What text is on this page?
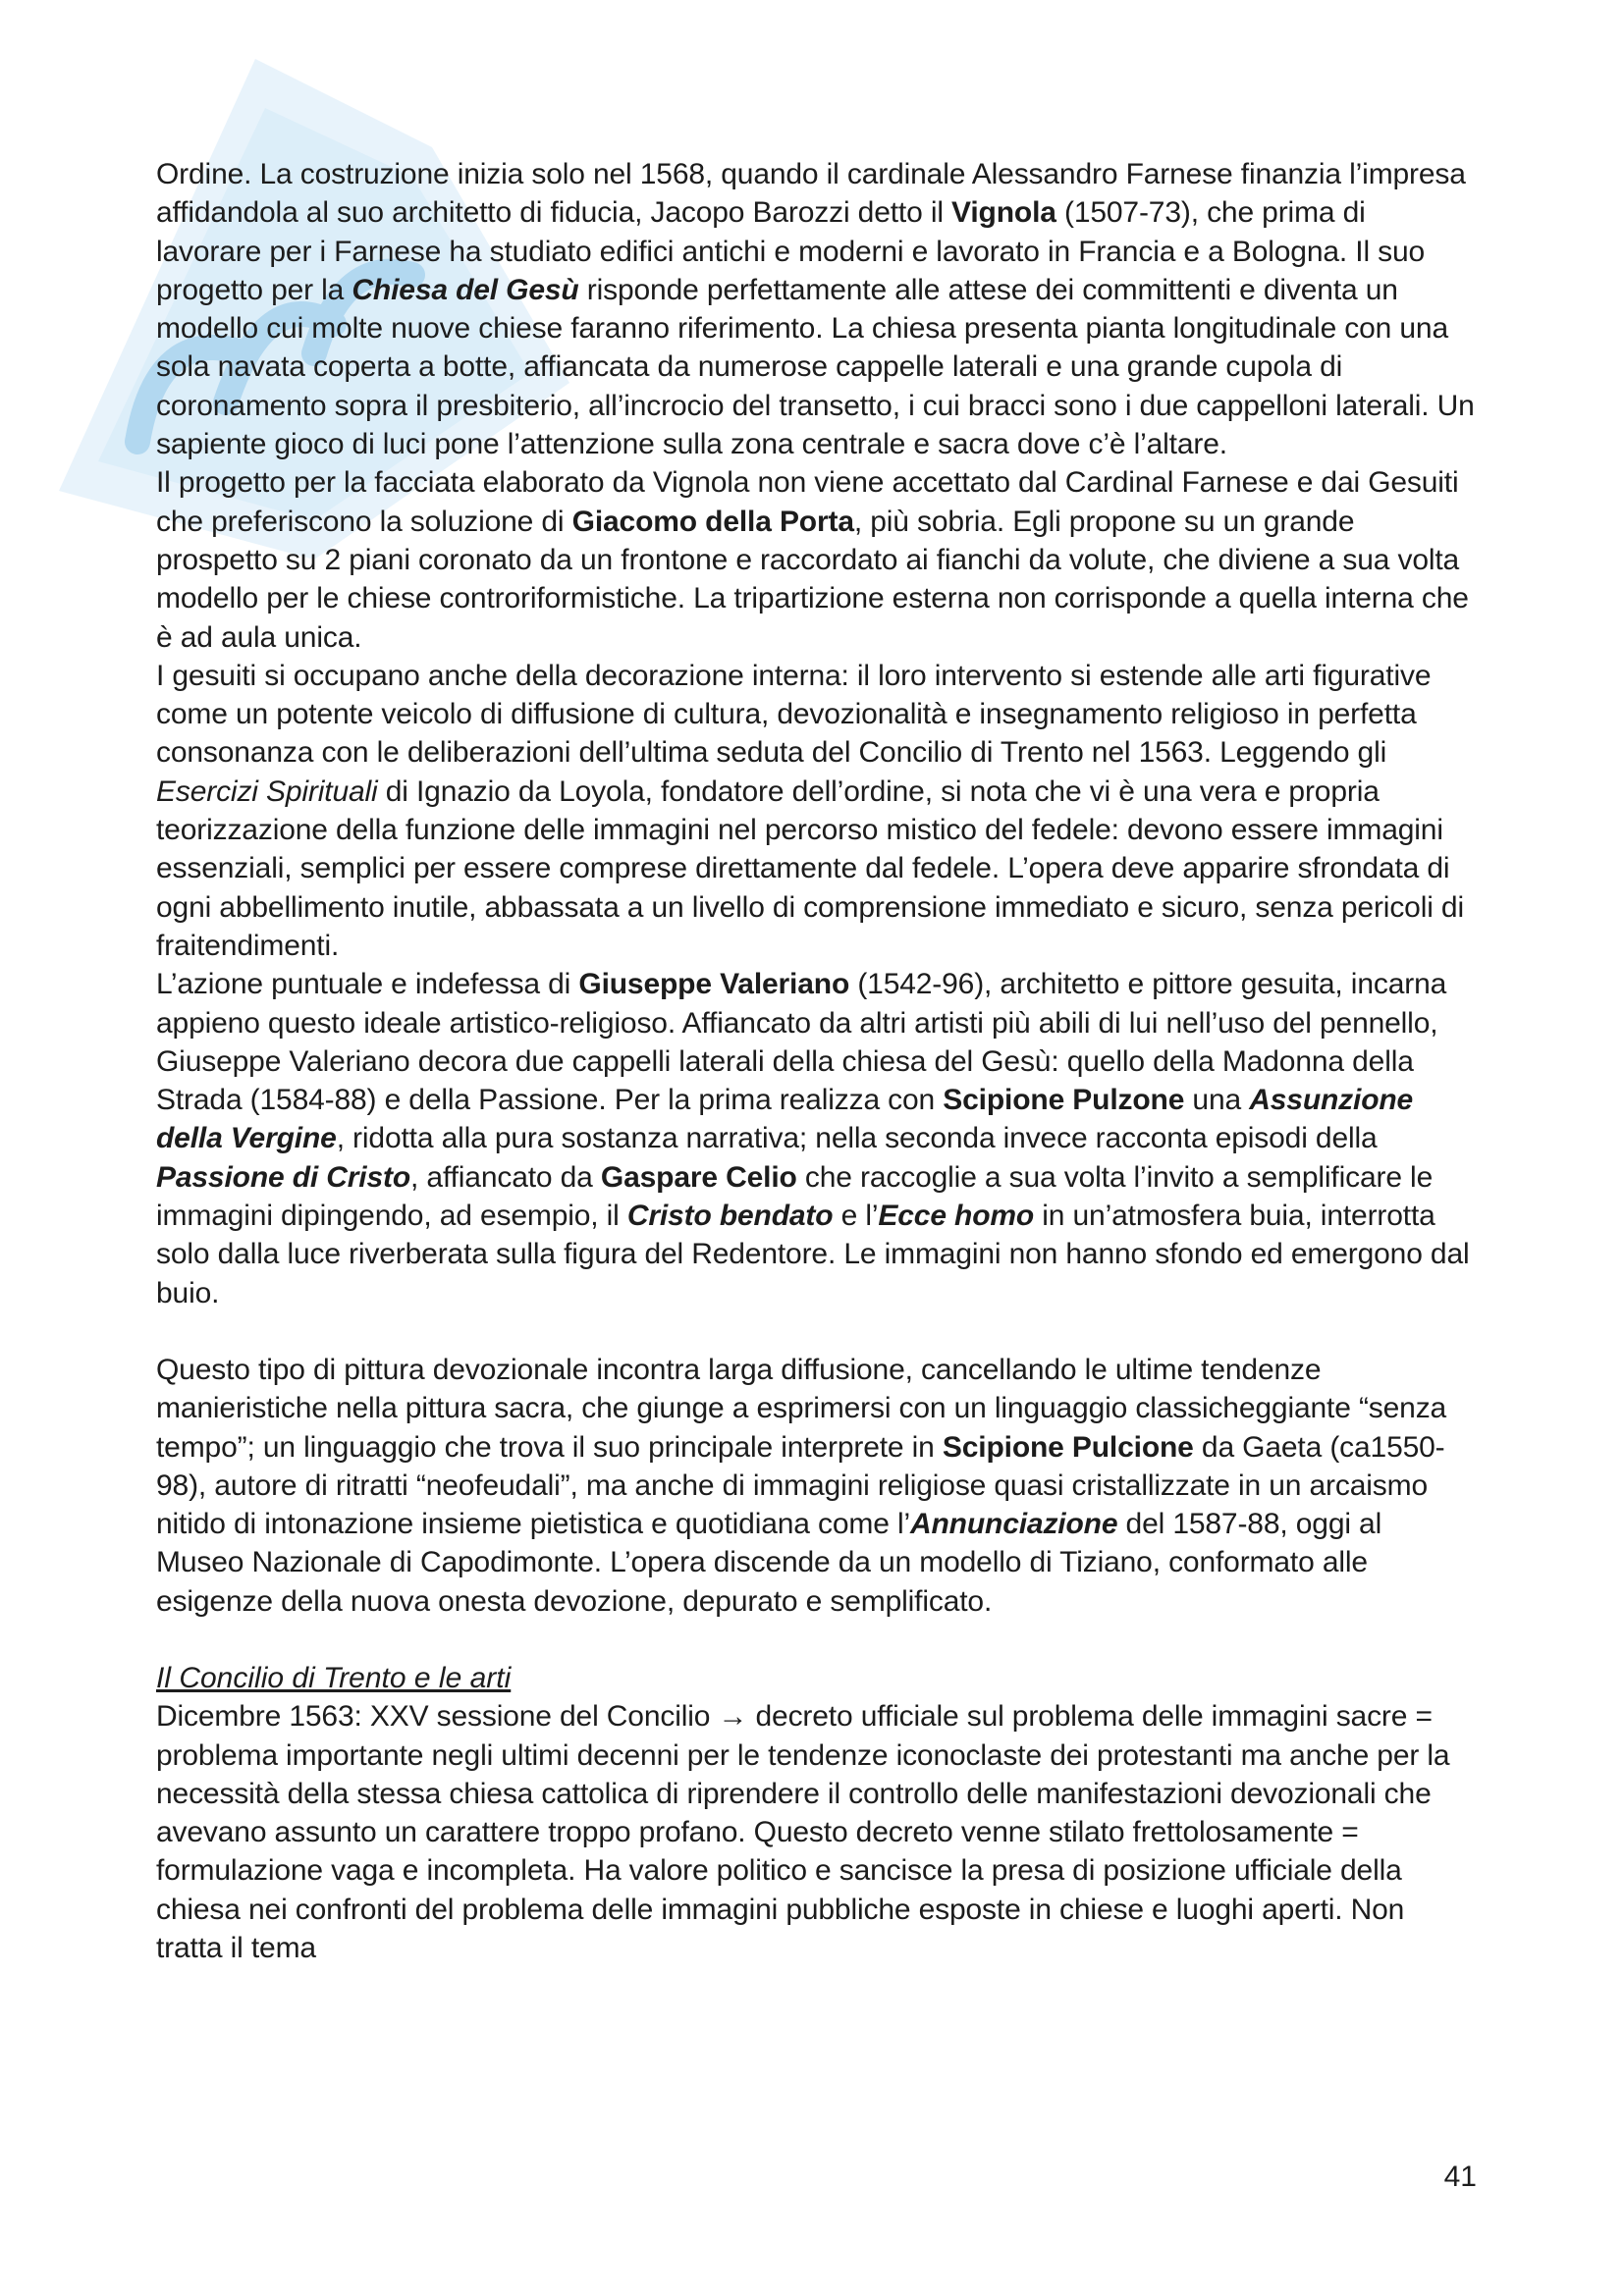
Ordine. La costruzione inizia solo nel 1568, quando il cardinale Alessandro Farnese finanzia l’impresa affidandola al suo architetto di fiducia, Jacopo Barozzi detto il Vignola (1507-73), che prima di lavorare per i Farnese ha studiato edifici antichi e moderni e lavorato in Francia e a Bologna. Il suo progetto per la Chiesa del Gesù risponde perfettamente alle attese dei committenti e diventa un modello cui molte nuove chiese faranno riferimento. La chiesa presenta pianta longitudinale con una sola navata coperta a botte, affiancata da numerose cappelle laterali e una grande cupola di coronamento sopra il presbiterio, all’incrocio del transetto, i cui bracci sono i due cappelloni laterali. Un sapiente gioco di luci pone l’attenzione sulla zona centrale e sacra dove c’è l’altare.

Il progetto per la facciata elaborato da Vignola non viene accettato dal Cardinal Farnese e dai Gesuiti che preferiscono la soluzione di Giacomo della Porta, più sobria. Egli propone su un grande prospetto su 2 piani coronato da un frontone e raccordato ai fianchi da volute, che diviene a sua volta modello per le chiese controriformistiche. La tripartizione esterna non corrisponde a quella interna che è ad aula unica.

I gesuiti si occupano anche della decorazione interna: il loro intervento si estende alle arti figurative come un potente veicolo di diffusione di cultura, devozionalità e insegnamento religioso in perfetta consonanza con le deliberazioni dell’ultima seduta del Concilio di Trento nel 1563. Leggendo gli Esercizi Spirituali di Ignazio da Loyola, fondatore dell’ordine, si nota che vi è una vera e propria teorizzazione della funzione delle immagini nel percorso mistico del fedele: devono essere immagini essenziali, semplici per essere comprese direttamente dal fedele. L’opera deve apparire sfrondata di ogni abbellimento inutile, abbassata a un livello di comprensione immediato e sicuro, senza pericoli di fraitendimenti.

L’azione puntuale e indefessa di Giuseppe Valeriano (1542-96), architetto e pittore gesuita, incarna appieno questo ideale artistico-religioso. Affiancato da altri artisti più abili di lui nell’uso del pennello, Giuseppe Valeriano decora due cappelli laterali della chiesa del Gesù: quello della Madonna della Strada (1584-88) e della Passione. Per la prima realizza con Scipione Pulzone una Assunzione della Vergine, ridotta alla pura sostanza narrativa; nella seconda invece racconta episodi della Passione di Cristo, affiancato da Gaspare Celio che raccoglie a sua volta l’invito a semplificare le immagini dipingendo, ad esempio, il Cristo bendato e l’Ecce homo in un’atmosfera buia, interrotta solo dalla luce riverberata sulla figura del Redentore. Le immagini non hanno sfondo ed emergono dal buio.

Questo tipo di pittura devozionale incontra larga diffusione, cancellando le ultime tendenze manieristiche nella pittura sacra, che giunge a esprimersi con un linguaggio classicheggiante “senza tempo”; un linguaggio che trova il suo principale interprete in Scipione Pulcione da Gaeta (ca1550-98), autore di ritratti “neofeudali”, ma anche di immagini religiose quasi cristallizzate in un arcaismo nitido di intonazione insieme pietistica e quotidiana come l’Annunciazione del 1587-88, oggi al Museo Nazionale di Capodimonte. L’opera discende da un modello di Tiziano, conformato alle esigenze della nuova onesta devozione, depurato e semplificato.

Il Concilio di Trento e le arti

Dicembre 1563: XXV sessione del Concilio → decreto ufficiale sul problema delle immagini sacre = problema importante negli ultimi decenni per le tendenze iconoclaste dei protestanti ma anche per la necessità della stessa chiesa cattolica di riprendere il controllo delle manifestazioni devozionali che avevano assunto un carattere troppo profano. Questo decreto venne stilato frettolosamente = formulazione vaga e incompleta. Ha valore politico e sancisce la presa di posizione ufficiale della chiesa nei confronti del problema delle immagini pubbliche esposte in chiese e luoghi aperti. Non tratta il tema

41
